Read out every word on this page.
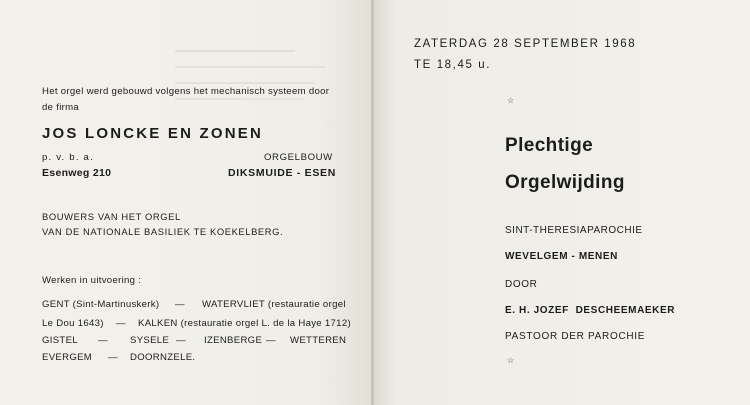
Het orgel werd gebouwd volgens het mechanisch systeem door

de firma

JOS LONCKE EN ZONEN

p. v. b. a.	ORGELBOUW

Esenweg 210	DIKSMUIDE - ESEN

BOUWERS VAN HET ORGEL

VAN DE NATIONALE BASILIEK TE KOEKELBERG.

Werken in uitvoering :

GENT (Sint-Martinuskerk) — WATERVLIET (restauratie orgel

Le Dou 1643) — KALKEN (restauratie orgel L. de la Haye 1712)

GISTEL — SYSELE — IZENBERGE — WETTEREN

EVERGEM — DOORNZELE.

ZATERDAG 28 SEPTEMBER 1968

TE 18,45 u.

☆

Plechtige

Orgelwijding

SINT-THERESIAPAROCHIE

WEVELGEM - MENEN

DOOR

E. H. JOZEF  DESCHEEMAEKER

PASTOOR DER PAROCHIE

☆
